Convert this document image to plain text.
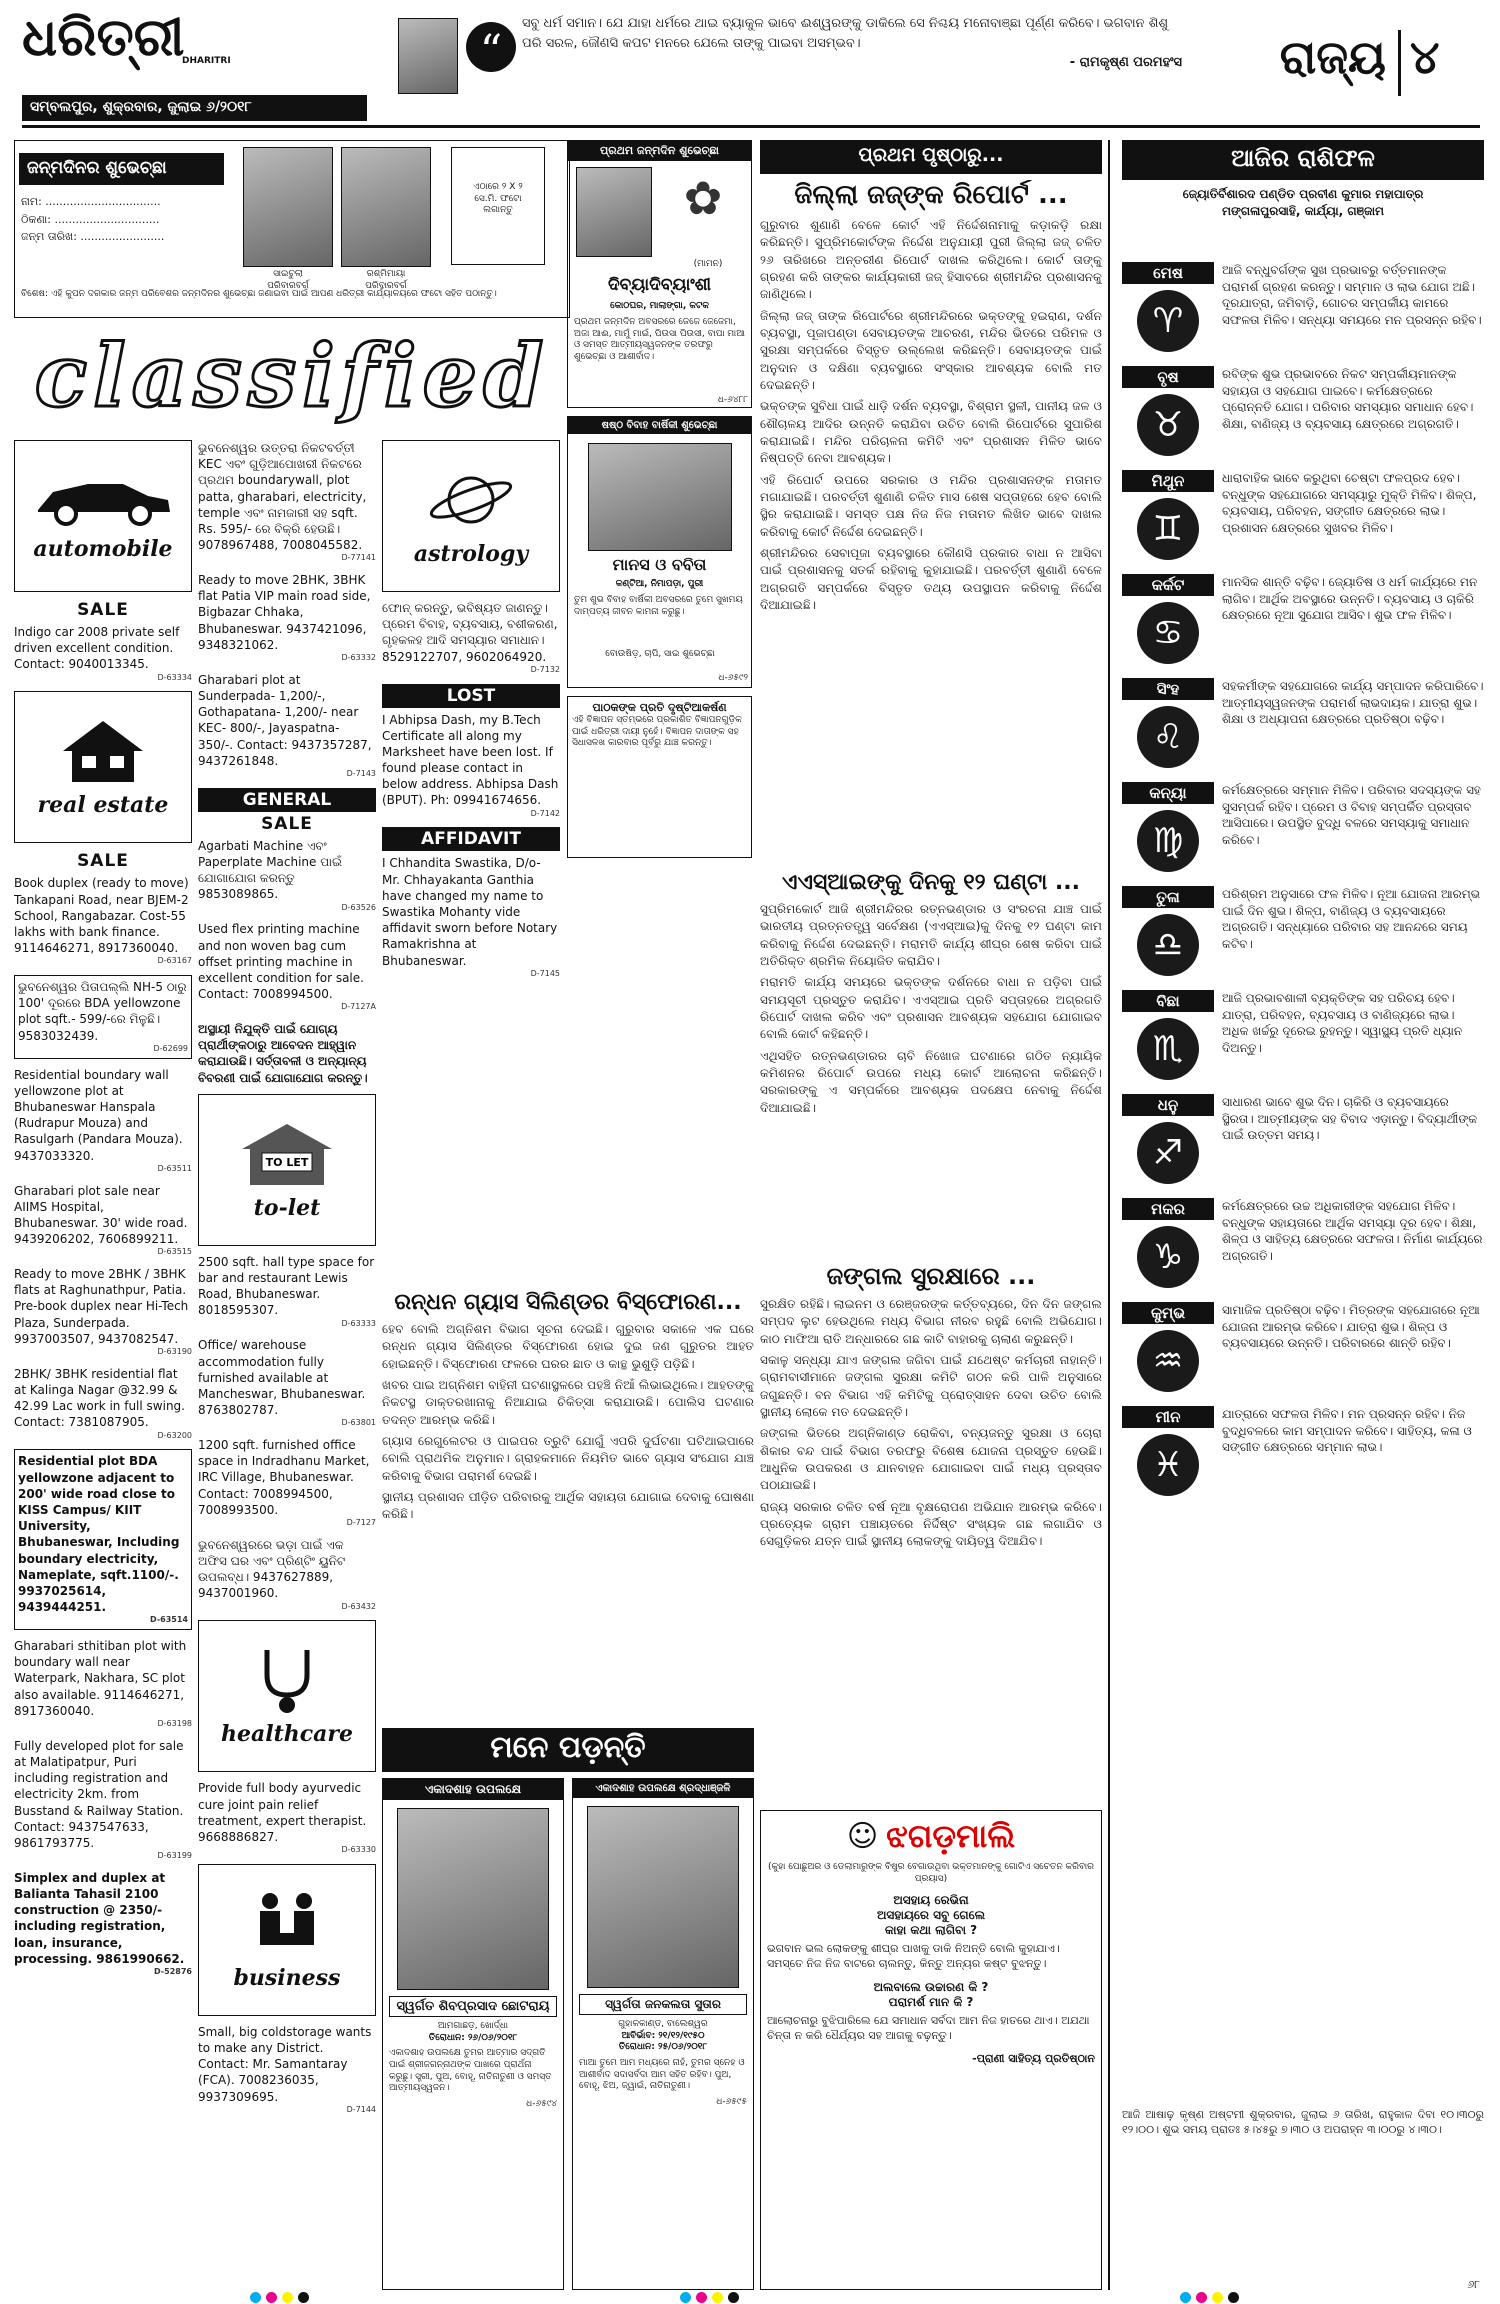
ଧରିତ୍ରୀ
DHARITRI
ସମ୍ବଲପୁର, ଶୁକ୍ରବାର, ଜୁଲାଇ ୬/୨୦୧୮
“
ସବୁ ଧର୍ମ ସମାନ। ଯେ ଯାହା ଧର୍ମରେ ଥାଇ ବ୍ୟାକୁଳ ଭାବେ ଈଶ୍ୱରଙ୍କୁ ଡାକିଲେ ସେ ନିଶ୍ଚୟ ମନୋବାଞ୍ଛା ପୂର୍ଣ୍ଣ କରିବେ। ଭଗବାନ ଶିଶୁ ପରି ସରଳ, ଜୌଣସି କପଟ ମନରେ ଯେଲେ ତାଙ୍କୁ ପାଇବା ଅସମ୍ଭବ।
- ରାମକୃଷ୍ଣ ପରମହଂସ	ରାଜ୍ୟ ୪
ଜନ୍ମଦିନର ଶୁଭେଚ୍ଛା
ନାମ: .................................
ଠିକଣା: ..............................
ଜନ୍ମ ତାରିଖ: ........................
ସାଇଚୁଲା
ପରିବାରବର୍ଗ
ରଶ୍ମିମାୟା
ପରିବାରବର୍ଗ
ଏଠାରେ ୨ X ୨
ସେ.ମି. ଫଟୋ
ଲଗାନ୍ତୁ
ବିଶେଷ: ଏହି କୁପନ ଦରକାର ଜନ୍ମ ପରିବେଶର ଜନ୍ମଦିନର ଶୁଭେଚ୍ଛା ଜଣାଇବା ପାଇଁ ଆପଣ ଧରିତ୍ରୀ କାର୍ଯ୍ୟାଳୟରେ ଫଟୋ ସହିତ ପଠାନ୍ତୁ।
classified
automobile
SALE

Indigo car 2008 private self driven excellent condition. Contact: 9040013345.

D-63334
real estate
SALE

Book duplex (ready to move) Tankapani Road, near BJEM-2 School, Rangabazar. Cost-55 lakhs with bank finance. 9114646271, 8917360040.

D-63167

ଭୁବନେଶ୍ୱର ପିତାପଲ୍ଲି NH-5 ଠାରୁ 100' ଦୂରରେ BDA yellowzone plot sqft.- 599/-ରେ ମିଳୁଛି। 9583032439.

D-62699

Residential boundary wall yellowzone plot at Bhubaneswar Hanspala (Rudrapur Mouza) and Rasulgarh (Pandara Mouza). 9437033320.

D-63511

Gharabari plot sale near AIIMS Hospital, Bhubaneswar. 30' wide road. 9439206202, 7606899211.

D-63515

Ready to move 2BHK / 3BHK flats at Raghunathpur, Patia. Pre-book duplex near Hi-Tech Plaza, Sunderpada. 9937003507, 9437082547.

D-63190

2BHK/ 3BHK residential flat at Kalinga Nagar @32.99 & 42.99 Lac work in full swing. Contact: 7381087905.

D-63200

Residential plot BDA yellowzone adjacent to 200' wide road close to KISS Campus/ KIIT University, Bhubaneswar, Including boundary electricity, Nameplate, sqft.1100/-. 9937025614, 9439444251.

D-63514

Gharabari sthitiban plot with boundary wall near Waterpark, Nakhara, SC plot also available. 9114646271, 8917360040.

D-63198

Fully developed plot for sale at Malatipatpur, Puri including registration and electricity 2km. from Busstand & Railway Station. Contact: 9437547633, 9861793775.

D-63199

Simplex and duplex at Balianta Tahasil 2100 construction @ 2350/- including registration, loan, insurance, processing. 9861990662.

D-52876

ଭୁବନେଶ୍ୱର ଉତ୍ତରା ନିକଟବର୍ତ୍ତୀ KEC ଏବଂ ଗୁଡ଼ିଆପୋଖରୀ ନିକଟରେ ପ୍ରଥମ boundarywall, plot patta, gharabari, electricity, temple ଏବଂ ନାମଜାରୀ ସହ sqft. Rs. 595/- ରେ ବିକ୍ରି ହେଉଛି। 9078967488, 7008045582.

D-77141

Ready to move 2BHK, 3BHK flat Patia VIP main road side, Bigbazar Chhaka, Bhubaneswar. 9437421096, 9348321062.

D-63332

Gharabari plot at Sunderpada- 1,200/-, Gothapatana- 1,200/- near KEC- 800/-, Jayaspatna- 350/-. Contact: 9437357287, 9437261848.

D-7143
GENERAL
SALE

Agarbati Machine ଏବଂ Paperplate Machine ପାଇଁ ଯୋଗାଯୋଗ କରନ୍ତୁ 9853089865.

D-63526

Used flex printing machine and non woven bag cum offset printing machine in excellent condition for sale. Contact: 7008994500.

D-7127A

ଅସ୍ଥାୟୀ ନିଯୁକ୍ତି ପାଇଁ ଯୋଗ୍ୟ ପ୍ରାର୍ଥୀଙ୍କଠାରୁ ଆବେଦନ ଆହ୍ୱାନ କରାଯାଉଛି। ସର୍ତ୍ତାବଳୀ ଓ ଅନ୍ୟାନ୍ୟ ବିବରଣୀ ପାଇଁ ଯୋଗାଯୋଗ କରନ୍ତୁ।

TO LET
to-let

2500 sqft. hall type space for bar and restaurant Lewis Road, Bhubaneswar. 8018595307.

D-63333

Office/ warehouse accommodation fully furnished available at Mancheswar, Bhubaneswar. 8763802787.

D-63801

1200 sqft. furnished office space in Indradhanu Market, IRC Village, Bhubaneswar. Contact: 7008994500, 7008993500.

D-7127

ଭୁବନେଶ୍ୱରରେ ଭଡ଼ା ପାଇଁ ଏକ ଅଫିସ ଘର ଏବଂ ପ୍ରିଣ୍ଟିଂ ୟୁନିଟ ଉପଲବ୍ଧ। 9437627889, 9437001960.

D-63432
healthcare

Provide full body ayurvedic cure joint pain relief treatment, expert therapist. 9668886827.

D-63330
business

Small, big coldstorage wants to make any District. Contact: Mr. Samantaray (FCA). 7008236035, 9937309695.

D-7144
astrology

ଫୋନ୍ କରନ୍ତୁ, ଭବିଷ୍ୟତ ଜାଣନ୍ତୁ। ପ୍ରେମ ବିବାହ, ବ୍ୟବସାୟ, ବଶୀକରଣ, ଗୃହକଳହ ଆଦି ସମସ୍ୟାର ସମାଧାନ। 8529122707, 9602064920.

D-7132
LOST

I Abhipsa Dash, my B.Tech Certificate all along my Marksheet have been lost. If found please contact in below address. Abhipsa Dash (BPUT). Ph: 09941674656.

D-7142
AFFIDAVIT

I Chhandita Swastika, D/o- Mr. Chhayakanta Ganthia have changed my name to Swastika Mohanty vide affidavit sworn before Notary Ramakrishna at Bhubaneswar.

D-7145
ପ୍ରଥମ ଜନ୍ମଦିନ ଶୁଭେଚ୍ଛା
✿
(ମାମନ)
ଦିବ୍ୟାଦିବ୍ୟାଂଶୀ
କୋଠଘର, ମାଲାଙ୍ଗା, କଟକ
ପ୍ରଥମ ଜନ୍ମଦିନ ଅବସରରେ ଜେଜେ ଜେଜେମା, ଅଜା ଆଈ, ମାମୁଁ ମାଇଁ, ପିଉସା ପିଉସୀ, ବାପା ମାଆ ଓ ସମସ୍ତ ଆତ୍ମୀୟସ୍ୱଜନଙ୍କ ତରଫରୁ ଶୁଭେଚ୍ଛା ଓ ଆଶୀର୍ବାଦ।
ଧ-୬୪୮୮
ଷଷ୍ଠ ବିବାହ ବାର୍ଷିକୀ ଶୁଭେଚ୍ଛା
ମାନସ ଓ ବବିତା
କଣ୍ଟିଆ, ନିମାପଡ଼ା, ପୁରୀ
ତୁମ ଶୁଭ ବିବାହ ବାର୍ଷିକୀ ଅବସରରେ ତୁମେ ସୁଖମୟ ଦାମ୍ପତ୍ୟ ଜୀବନ କାମନା କରୁଛୁ।
ବୋଉଷିଡ଼, ଚାପି, ସାଇ ଶୁଭେଚ୍ଛା
ଧ-୬୫୯୨
ପାଠକଙ୍କ ପ୍ରତି ଦୃଷ୍ଟିଆକର୍ଷଣ
ଏହି ବିଜ୍ଞାପନ ସ୍ତମ୍ଭରେ ପ୍ରକାଶିତ ବିଜ୍ଞାପନଗୁଡ଼ିକ ପାଇଁ ଧରିତ୍ରୀ ଦାୟୀ ନୁହେଁ। ବିଜ୍ଞାପନ ଦାତାଙ୍କ ସହ ସିଧାସଳଖ କାରବାର ପୂର୍ବରୁ ଯାଞ୍ଚ କରନ୍ତୁ।
ପ୍ରଥମ ପୃଷ୍ଠାରୁ...
ଜିଲ୍ଲା ଜଜ୍‌ଙ୍କ ରିପୋର୍ଟ ...

ଗୁରୁବାର ଶୁଣାଣି ବେଳେ କୋର୍ଟ ଏହି ନିର୍ଦ୍ଦେଶନାମାକୁ କଡ଼ାକଡ଼ି ରକ୍ଷା କରିଛନ୍ତି। ସୁପ୍ରିମକୋର୍ଟଙ୍କ ନିର୍ଦ୍ଦେଶ ଅନୁଯାୟୀ ପୁରୀ ଜିଲ୍ଲା ଜଜ୍ ଚଳିତ ୨୬ ତାରିଖରେ ଅନ୍ତରୀଣ ରିପୋର୍ଟ ଦାଖଲ କରିଥିଲେ। କୋର୍ଟ ତାଙ୍କୁ ଗ୍ରହଣ କରି ତାଙ୍କର କାର୍ଯ୍ୟକାରୀ ଜଜ୍ ହିସାବରେ ଶ୍ରୀମନ୍ଦିର ପ୍ରଶାସନକୁ ଜାଣିଥିଲେ।

ଜିଲ୍ଲା ଜଜ୍ ତାଙ୍କ ରିପୋର୍ଟରେ ଶ୍ରୀମନ୍ଦିରରେ ଭକ୍ତଙ୍କୁ ହଇରାଣ, ଦର୍ଶନ ବ୍ୟବସ୍ଥା, ପୂଜାପଣ୍ଡା ସେବାୟତଙ୍କ ଆଚରଣ, ମନ୍ଦିର ଭିତରେ ପରିମଳ ଓ ସୁରକ୍ଷା ସମ୍ପର୍କରେ ବିସ୍ତୃତ ଉଲ୍ଲେଖ କରିଛନ୍ତି। ସେବାୟତଙ୍କ ପାଇଁ ଅନୁଦାନ ଓ ଦକ୍ଷିଣା ବ୍ୟବସ୍ଥାରେ ସଂସ୍କାର ଆବଶ୍ୟକ ବୋଲି ମତ ଦେଇଛନ୍ତି।

ଭକ୍ତଙ୍କ ସୁବିଧା ପାଇଁ ଧାଡ଼ି ଦର୍ଶନ ବ୍ୟବସ୍ଥା, ବିଶ୍ରାମ ସ୍ଥଳୀ, ପାନୀୟ ଜଳ ଓ ଶୌଚାଳୟ ଆଦିର ଉନ୍ନତି କରାଯିବା ଉଚିତ ବୋଲି ରିପୋର୍ଟରେ ସୁପାରିଶ କରାଯାଇଛି। ମନ୍ଦିର ପରିଚାଳନା କମିଟି ଏବଂ ପ୍ରଶାସନ ମିଳିତ ଭାବେ ନିଷ୍ପତ୍ତି ନେବା ଆବଶ୍ୟକ।

ଏହି ରିପୋର୍ଟ ଉପରେ ସରକାର ଓ ମନ୍ଦିର ପ୍ରଶାସନଙ୍କ ମତାମତ ମଗାଯାଇଛି। ପରବର୍ତ୍ତୀ ଶୁଣାଣି ଚଳିତ ମାସ ଶେଷ ସପ୍ତାହରେ ହେବ ବୋଲି ସ୍ଥିର କରାଯାଇଛି। ସମସ୍ତ ପକ୍ଷ ନିଜ ନିଜ ମତାମତ ଲିଖିତ ଭାବେ ଦାଖଲ କରିବାକୁ କୋର୍ଟ ନିର୍ଦ୍ଦେଶ ଦେଇଛନ୍ତି।

ଶ୍ରୀମନ୍ଦିରର ସେବାପୂଜା ବ୍ୟବସ୍ଥାରେ କୌଣସି ପ୍ରକାର ବାଧା ନ ଆସିବା ପାଇଁ ପ୍ରଶାସନକୁ ସତର୍କ ରହିବାକୁ କୁହାଯାଇଛି। ପରବର୍ତ୍ତୀ ଶୁଣାଣି ବେଳେ ଅଗ୍ରଗତି ସମ୍ପର୍କରେ ବିସ୍ତୃତ ତଥ୍ୟ ଉପସ୍ଥାପନ କରିବାକୁ ନିର୍ଦ୍ଦେଶ ଦିଆଯାଇଛି।

ଏଏସ୍‌ଆଇଙ୍କୁ ଦିନକୁ ୧୨ ଘଣ୍ଟା ...

ସୁପ୍ରିମକୋର୍ଟ ଆଜି ଶ୍ରୀମନ୍ଦିରର ରତ୍ନଭଣ୍ଡାର ଓ ସଂରଚନା ଯାଞ୍ଚ ପାଇଁ ଭାରତୀୟ ପ୍ରତ୍ନତତ୍ତ୍ୱ ସର୍ବେକ୍ଷଣ (ଏଏସ୍‌ଆଇ)କୁ ଦିନକୁ ୧୨ ଘଣ୍ଟା କାମ କରିବାକୁ ନିର୍ଦ୍ଦେଶ ଦେଇଛନ୍ତି। ମରାମତି କାର୍ଯ୍ୟ ଶୀଘ୍ର ଶେଷ କରିବା ପାଇଁ ଅତିରିକ୍ତ ଶ୍ରମିକ ନିୟୋଜିତ କରାଯିବ।

ମରାମତି କାର୍ଯ୍ୟ ସମୟରେ ଭକ୍ତଙ୍କ ଦର୍ଶନରେ ବାଧା ନ ପଡ଼ିବା ପାଇଁ ସମୟସୂଚୀ ପ୍ରସ୍ତୁତ କରାଯିବ। ଏଏସ୍‌ଆଇ ପ୍ରତି ସପ୍ତାହରେ ଅଗ୍ରଗତି ରିପୋର୍ଟ ଦାଖଲ କରିବ ଏବଂ ପ୍ରଶାସନ ଆବଶ୍ୟକ ସହଯୋଗ ଯୋଗାଇବ ବୋଲି କୋର୍ଟ କହିଛନ୍ତି।

ଏଥିସହିତ ରତ୍ନଭଣ୍ଡାରର ଚାବି ନିଖୋଜ ଘଟଣାରେ ଗଠିତ ନ୍ୟାୟିକ କମିଶନର ରିପୋର୍ଟ ଉପରେ ମଧ୍ୟ କୋର୍ଟ ଆଲୋଚନା କରିଛନ୍ତି। ସରକାରଙ୍କୁ ଏ ସମ୍ପର୍କରେ ଆବଶ୍ୟକ ପଦକ୍ଷେପ ନେବାକୁ ନିର୍ଦ୍ଦେଶ ଦିଆଯାଇଛି।

ଜଙ୍ଗଲ ସୁରକ୍ଷାରେ ...

ସୁରକ୍ଷିତ ରହିଛି। ଲାଇନମ ଓ ରେଞ୍ଜରଙ୍କ କର୍ତ୍ତବ୍ୟରେ, ଦିନ ଦିନ ଜଙ୍ଗଲ ସମ୍ପଦ ଲୁଟ ହେଉଥିଲେ ମଧ୍ୟ ବିଭାଗ ନୀରବ ରହୁଛି ବୋଲି ଅଭିଯୋଗ। କାଠ ମାଫିଆ ରାତି ଅନ୍ଧାରରେ ଗଛ କାଟି ବାହାରକୁ ଚାଲାଣ କରୁଛନ୍ତି।

ସକାଳୁ ସନ୍ଧ୍ୟା ଯାଏ ଜଙ୍ଗଲ ଜଗିବା ପାଇଁ ଯଥେଷ୍ଟ କର୍ମଚାରୀ ନାହାନ୍ତି। ଗ୍ରାମବାସୀମାନେ ଜଙ୍ଗଲ ସୁରକ୍ଷା କମିଟି ଗଠନ କରି ପାଳି ଅନୁସାରେ ଜଗୁଛନ୍ତି। ବନ ବିଭାଗ ଏହି କମିଟିକୁ ପ୍ରୋତ୍ସାହନ ଦେବା ଉଚିତ ବୋଲି ସ୍ଥାନୀୟ ଲୋକେ ମତ ଦେଇଛନ୍ତି।

ଜଙ୍ଗଲ ଭିତରେ ଅଗ୍ନିକାଣ୍ଡ ରୋକିବା, ବନ୍ୟଜନ୍ତୁ ସୁରକ୍ଷା ଓ ଚୋରା ଶିକାର ବନ୍ଦ ପାଇଁ ବିଭାଗ ତରଫରୁ ବିଶେଷ ଯୋଜନା ପ୍ରସ୍ତୁତ ହେଉଛି। ଆଧୁନିକ ଉପକରଣ ଓ ଯାନବାହନ ଯୋଗାଇବା ପାଇଁ ମଧ୍ୟ ପ୍ରସ୍ତାବ ପଠାଯାଇଛି।

ରାଜ୍ୟ ସରକାର ଚଳିତ ବର୍ଷ ନୂଆ ବୃକ୍ଷରୋପଣ ଅଭିଯାନ ଆରମ୍ଭ କରିବେ। ପ୍ରତ୍ୟେକ ଗ୍ରାମ ପଞ୍ଚାୟତରେ ନିର୍ଦ୍ଦିଷ୍ଟ ସଂଖ୍ୟକ ଗଛ ଲଗାଯିବ ଓ ସେଗୁଡ଼ିକର ଯତ୍ନ ପାଇଁ ସ୍ଥାନୀୟ ଲୋକଙ୍କୁ ଦାୟିତ୍ୱ ଦିଆଯିବ।

ରନ୍ଧନ ଗ୍ୟାସ ସିଲିଣ୍ଡର ବିସ୍ଫୋରଣ...

ହେବ ବୋଲି ଅଗ୍ନିଶମ ବିଭାଗ ସୂଚନା ଦେଇଛି। ଗୁରୁବାର ସକାଳେ ଏକ ଘରେ ରନ୍ଧନ ଗ୍ୟାସ ସିଲିଣ୍ଡର ବିସ୍ଫୋରଣ ହୋଇ ଦୁଇ ଜଣ ଗୁରୁତର ଆହତ ହୋଇଛନ୍ତି। ବିସ୍ଫୋରଣ ଫଳରେ ଘରର ଛାତ ଓ କାନ୍ଥ ଭୁଶୁଡ଼ି ପଡ଼ିଛି।

ଖବର ପାଇ ଅଗ୍ନିଶମ ବାହିନୀ ଘଟଣାସ୍ଥଳରେ ପହଞ୍ଚି ନିଆଁ ଲିଭାଇଥିଲେ। ଆହତଙ୍କୁ ନିକଟସ୍ଥ ଡାକ୍ତରଖାନାକୁ ନିଆଯାଇ ଚିକିତ୍ସା କରାଯାଉଛି। ପୋଲିସ ଘଟଣାର ତଦନ୍ତ ଆରମ୍ଭ କରିଛି।

ଗ୍ୟାସ ରେଗୁଲେଟର ଓ ପାଇପର ତ୍ରୁଟି ଯୋଗୁଁ ଏପରି ଦୁର୍ଘଟଣା ଘଟିଥାଇପାରେ ବୋଲି ପ୍ରାଥମିକ ଅନୁମାନ। ଗ୍ରାହକମାନେ ନିୟମିତ ଭାବେ ଗ୍ୟାସ ସଂଯୋଗ ଯାଞ୍ଚ କରିବାକୁ ବିଭାଗ ପରାମର୍ଶ ଦେଇଛି।

ସ୍ଥାନୀୟ ପ୍ରଶାସନ ପୀଡ଼ିତ ପରିବାରକୁ ଆର୍ଥିକ ସହାୟତା ଯୋଗାଇ ଦେବାକୁ ଘୋଷଣା କରିଛି।

ମନେ ପଡ଼ନ୍ତି
ଏକାଦଶାହ ଉପଲକ୍ଷେ
ସ୍ୱର୍ଗତ ଶିବପ୍ରସାଦ ଛୋଟରାୟ
ଆମଗାଛଡ଼, ଖୋର୍ଦ୍ଧା
ତିରୋଧାନ: ୨୬/୦୬/୨୦୧୮
ଏକାଦଶାହ ଉପଲକ୍ଷେ ତୁମର ଆତ୍ମାର ସଦ୍‌ଗତି ପାଇଁ ଶ୍ରୀଜଗନ୍ନାଥଙ୍କ ପାଖରେ ପ୍ରାର୍ଥନା କରୁଛୁ। ସ୍ତ୍ରୀ, ପୁଅ, ବୋହୂ, ନାତିନାତୁଣୀ ଓ ସମସ୍ତ ଆତ୍ମୀୟସ୍ୱଜନ।
ଧ-୬୫୯୪
ଏକାଦଶାହ ଉପଲକ୍ଷେ ଶ୍ରଦ୍ଧାଞ୍ଜଳି
ସ୍ୱର୍ଗତା ଜନକଲତା ସୁତାର
ଗୁହାଳକାଣ୍ଡ, ବାଲେଶ୍ୱର
ଆବିର୍ଭାବ: ୨୧/୧୨/୧୯୫୦
ତିରୋଧାନ: ୨୫/୦୬/୨୦୧୮
ମାଆ ତୁମେ ଆମ ମଧ୍ୟରେ ନାହଁ, ତୁମର ସ୍ନେହ ଓ ଆଶୀର୍ବାଦ ସଦାସର୍ବଦା ଆମ ସହିତ ରହିବ। ପୁଅ, ବୋହୂ, ଝିଅ, ଜ୍ୱାଇଁ, ନାତିନାତୁଣୀ।
ଧ-୬୫୯୫
☺ ଝଗଡ଼ମାଲି
(କୁହା ପୋଛୁଅର ଓ ଡେଲାମାରୁଙ୍କ ବିଷୁର ବେଗାଉଥିବା ଭକ୍ତମାନଙ୍କୁ ଗୋଟିଏ ସଚେତନ କରିବାର ପ୍ରୟାସ)
ଅସହାୟ ରେଭିନା
ଅସହାୟରେ ସବୁ ଗେଲେ
କାହା କଥା ଲାଗିବା ?
ଭଗବାନ ଭଲ ଲୋକଙ୍କୁ ଶୀଘ୍ର ପାଖକୁ ଡାକି ନିଅନ୍ତି ବୋଲି କୁହାଯାଏ। ସମସ୍ତେ ନିଜ ନିଜ ବାଟରେ ଚାଲନ୍ତୁ, କିନ୍ତୁ ଅନ୍ୟର କଷ୍ଟ ବୁଝନ୍ତୁ।
ଅଲବାଲେ ଉଚ୍ଚାରଣ କି ?
ପରାମର୍ଶ ମାନ କି ?
ଆଲୋଚନାରୁ ବୁଝିପାରିଲେ ଯେ ସମାଧାନ ସର୍ବଦା ଆମ ନିଜ ହାତରେ ଥାଏ। ଅଯଥା ଚିନ୍ତା ନ କରି ଧୈର୍ଯ୍ୟର ସହ ଆଗକୁ ବଢ଼ନ୍ତୁ।
-ପ୍ରାଣୀ ସାହିତ୍ୟ ପ୍ରତିଷ୍ଠାନ
ଆଜିର ରାଶିଫଳ
ଜ୍ୟୋତିର୍ବିଶାରଦ ପଣ୍ଡିତ ପ୍ରବୀଣ କୁମାର ମହାପାତ୍ର
ମଙ୍ଗଳାପୁରସାହି, କାର୍ଯ୍ୟା, ଗଞ୍ଜାମ
ମେଷ
♈
ଆଜି ବନ୍ଧୁବର୍ଗଙ୍କ ସୁଖ ପ୍ରଭାବରୁ ବର୍ତ୍ତମାନଙ୍କ ପରାମର୍ଶ ଗ୍ରହଣ କରନ୍ତୁ। ସମ୍ମାନ ଓ ଲାଭ ଯୋଗ ଅଛି। ଦୂରଯାତ୍ରା, ଜମିବାଡ଼ି, ଗୋଚର ସମ୍ପର୍କୀୟ କାମରେ ସଫଳତା ମିଳିବ। ସନ୍ଧ୍ୟା ସମୟରେ ମନ ପ୍ରସନ୍ନ ରହିବ।
ବୃଷ
♉
ରବିଙ୍କ ଶୁଭ ପ୍ରଭାବରେ ନିକଟ ସମ୍ପର୍କୀୟମାନଙ୍କ ସହାୟତା ଓ ସହଯୋଗ ପାଇବେ। କର୍ମକ୍ଷେତ୍ରରେ ପ୍ରୋନ୍ନତି ଯୋଗ। ପରିବାର ସମସ୍ୟାର ସମାଧାନ ହେବ। ଶିକ୍ଷା, ବାଣିଜ୍ୟ ଓ ବ୍ୟବସାୟ କ୍ଷେତ୍ରରେ ଅଗ୍ରଗତି।
ମିଥୁନ
♊
ଧାରାବାହିକ ଭାବେ କରୁଥିବା ଚେଷ୍ଟା ଫଳପ୍ରଦ ହେବ। ବନ୍ଧୁଙ୍କ ସହଯୋଗରେ ସମସ୍ୟାରୁ ମୁକ୍ତି ମିଳିବ। ଶିଳ୍ପ, ବ୍ୟବସାୟ, ପରିବହନ, ସଙ୍ଗୀତ କ୍ଷେତ୍ରରେ ଲାଭ। ପ୍ରଶାସନ କ୍ଷେତ୍ରରେ ସୁଖବର ମିଳିବ।
କର୍କଟ
♋
ମାନସିକ ଶାନ୍ତି ବଢ଼ିବ। ଜ୍ୟୋତିଷ ଓ ଧର୍ମ କାର୍ଯ୍ୟରେ ମନ ଲାଗିବ। ଆର୍ଥିକ ଅବସ୍ଥାରେ ଉନ୍ନତି। ବ୍ୟବସାୟ ଓ ଚାକିରି କ୍ଷେତ୍ରରେ ନୂଆ ସୁଯୋଗ ଆସିବ। ଶୁଭ ଫଳ ମିଳିବ।
ସିଂହ
♌
ସହକର୍ମୀଙ୍କ ସହଯୋଗରେ କାର୍ଯ୍ୟ ସମ୍ପାଦନ କରିପାରିବେ। ଆତ୍ମୀୟସ୍ୱଜନଙ୍କ ପରାମର୍ଶ ଲାଭଦାୟକ। ଯାତ୍ରା ଶୁଭ। ଶିକ୍ଷା ଓ ଅଧ୍ୟାପନା କ୍ଷେତ୍ରରେ ପ୍ରତିଷ୍ଠା ବଢ଼ିବ।
କନ୍ୟା
♍
କର୍ମକ୍ଷେତ୍ରରେ ସମ୍ମାନ ମିଳିବ। ପରିବାର ସଦସ୍ୟଙ୍କ ସହ ସୁସମ୍ପର୍କ ରହିବ। ପ୍ରେମ ଓ ବିବାହ ସମ୍ପର୍କିତ ପ୍ରସ୍ତାବ ଆସିପାରେ। ଉପସ୍ଥିତ ବୁଦ୍ଧି ବଳରେ ସମସ୍ୟାକୁ ସମାଧାନ କରିବେ।
ତୁଳା
♎
ପରିଶ୍ରମ ଅନୁସାରେ ଫଳ ମିଳିବ। ନୂଆ ଯୋଜନା ଆରମ୍ଭ ପାଇଁ ଦିନ ଶୁଭ। ଶିଳ୍ପ, ବାଣିଜ୍ୟ ଓ ବ୍ୟବସାୟରେ ଅଗ୍ରଗତି। ସନ୍ଧ୍ୟାରେ ପରିବାର ସହ ଆନନ୍ଦରେ ସମୟ କଟିବ।
ବିଛା
♏
ଆଜି ପ୍ରଭାବଶାଳୀ ବ୍ୟକ୍ତିଙ୍କ ସହ ପରିଚୟ ହେବ। ଯାତ୍ରା, ପରିବହନ, ବ୍ୟବସାୟ ଓ ବାଣିଜ୍ୟରେ ଲାଭ। ଅଧିକ ଖର୍ଚ୍ଚରୁ ଦୂରେଇ ରୁହନ୍ତୁ। ସ୍ୱାସ୍ଥ୍ୟ ପ୍ରତି ଧ୍ୟାନ ଦିଅନ୍ତୁ।
ଧନୁ
♐
ସାଧାରଣ ଭାବେ ଶୁଭ ଦିନ। ଚାକିରି ଓ ବ୍ୟବସାୟରେ ସ୍ଥିରତା। ଆତ୍ମୀୟଙ୍କ ସହ ବିବାଦ ଏଡ଼ାନ୍ତୁ। ବିଦ୍ୟାର୍ଥୀଙ୍କ ପାଇଁ ଉତ୍ତମ ସମୟ।
ମକର
♑
କର୍ମକ୍ଷେତ୍ରରେ ଉଚ୍ଚ ଅଧିକାରୀଙ୍କ ସହଯୋଗ ମିଳିବ। ବନ୍ଧୁଙ୍କ ସହାୟତାରେ ଆର୍ଥିକ ସମସ୍ୟା ଦୂର ହେବ। ଶିକ୍ଷା, ଶିଳ୍ପ ଓ ସାହିତ୍ୟ କ୍ଷେତ୍ରରେ ସଫଳତା। ନିର୍ମାଣ କାର୍ଯ୍ୟରେ ଅଗ୍ରଗତି।
କୁମ୍ଭ
♒
ସାମାଜିକ ପ୍ରତିଷ୍ଠା ବଢ଼ିବ। ମିତ୍ରଙ୍କ ସହଯୋଗରେ ନୂଆ ଯୋଜନା ଆରମ୍ଭ କରିବେ। ଯାତ୍ରା ଶୁଭ। ଶିଳ୍ପ ଓ ବ୍ୟବସାୟରେ ଉନ୍ନତି। ପରିବାରରେ ଶାନ୍ତି ରହିବ।
ମୀନ
♓
ଯାତ୍ରାରେ ସଫଳତା ମିଳିବ। ମନ ପ୍ରସନ୍ନ ରହିବ। ନିଜ ବୁଦ୍ଧିବଳରେ କାମ ସମ୍ପାଦନ କରିବେ। ସାହିତ୍ୟ, କଳା ଓ ସଙ୍ଗୀତ କ୍ଷେତ୍ରରେ ସମ୍ମାନ ଲାଭ।
ଆଜି ଆଷାଢ଼ କୃଷ୍ଣ ଅଷ୍ଟମୀ ଶୁକ୍ରବାର, ଜୁଲାଇ ୬ ତାରିଖ, ରାହୁକାଳ ଦିବା ୧୦।୩୦ରୁ ୧୨।୦୦। ଶୁଭ ସମୟ ପ୍ରାତଃ ୫।୪୫ରୁ ୭।୩୦ ଓ ଅପରାହ୍ନ ୩।୦୦ରୁ ୪।୩୦।
୬୮
